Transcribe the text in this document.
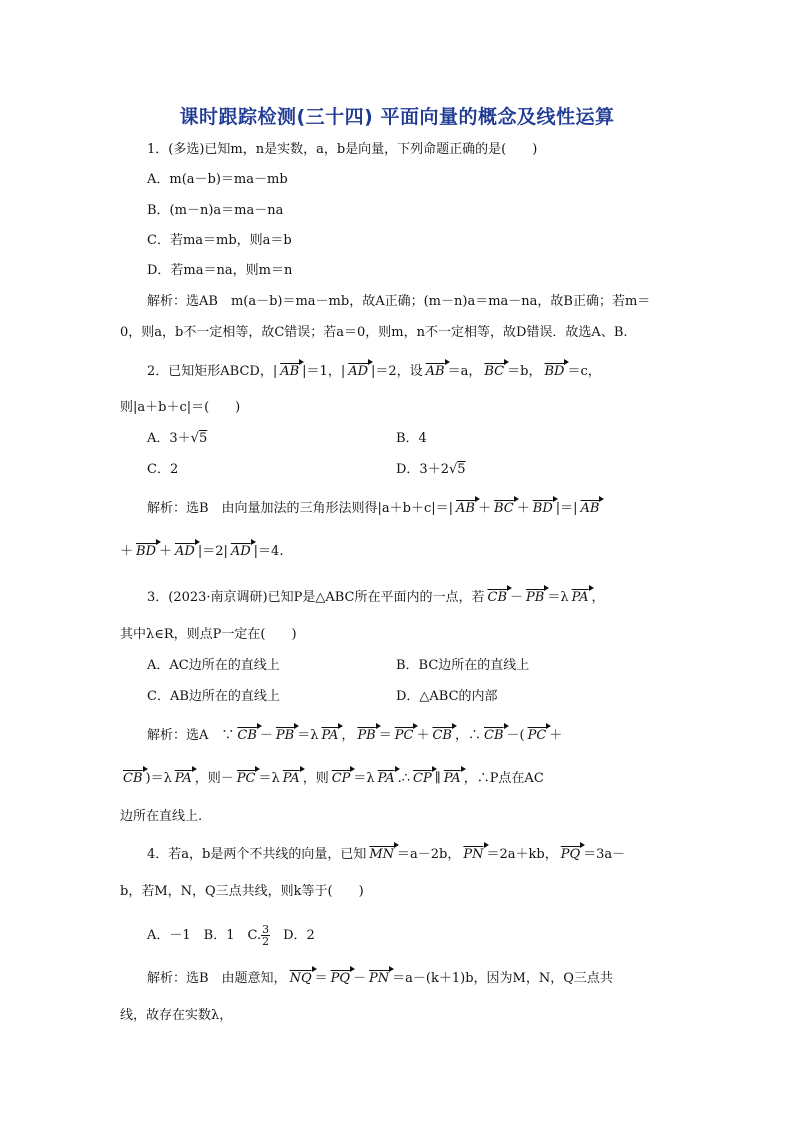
课时跟踪检测(三十四) 平面向量的概念及线性运算
1．(多选)已知m，n是实数，a，b是向量，下列命题正确的是(　　)
A．m(a－b)＝ma－mb
B．(m－n)a＝ma－na
C．若ma＝mb，则a＝b
D．若ma＝na，则m＝n
解析：选AB　m(a－b)＝ma－mb，故A正确；(m－n)a＝ma－na，故B正确；若m＝
0，则a，b不一定相等，故C错误；若a＝0，则m，n不一定相等，故D错误．故选A、B.
2．已知矩形ABCD，| $\overline{AB}$ |＝1，| $\overline{AD}$ |＝2，设 $\overline{AB} =a$， $\overline{BC} =b$， $\overline{BD} =c$，
则|a＋b＋c|＝(　　)
A．3＋√5	B．4
C．2	D．3＋2√5
解析：选B　由向量加法的三角形法则得|a＋b＋c|＝| $\overline{AB} + \overline{BC} + \overline{BD}$ |＝| $\overline{AB}$
＋ $\overline{BD} + \overline{AD}$ |＝2| $\overline{AD}$ |＝4.
3．(2023·南京调研)已知P是△ABC所在平面内的一点，若 $\overline{CB} - \overline{PB} =\lambda$ $\overline{PA}$ ，
其中λ∈R，则点P一定在(　　)
A．AC边所在的直线上	B．BC边所在的直线上
C．AB边所在的直线上	D．△ABC的内部
解析：选A　∵ $\overline{CB} - \overline{PB} =\lambda$ $\overline{PA}$ ， $\overline{PB} = \overline{PC} + \overline{CB}$ ，∴ $\overline{CB}$ －( $\overline{PC}$ ＋
$\overline{CB}$ )＝λ $\overline{PA}$ ，则－ $\overline{PC} =\lambda$ $\overline{PA}$ ，则 $\overline{CP} =\lambda$ $\overline{PA}$ .∴ $\overline{CP}$ ∥ $\overline{PA}$ ，∴P点在AC
边所在直线上.
4．若a，b是两个不共线的向量，已知 $\overline{MN} =a-2b$， $\overline{PN} =2a+kb$， $\overline{PQ} =3a-$
b，若M，N，Q三点共线，则k等于(　　)
A．－1　B．1　C. $\frac{3}{2}$ 　D．2
解析：选B　由题意知， $\overline{NQ} = \overline{PQ} - \overline{PN} =a-(k+1)b$，因为M，N，Q三点共
线，故存在实数λ，
